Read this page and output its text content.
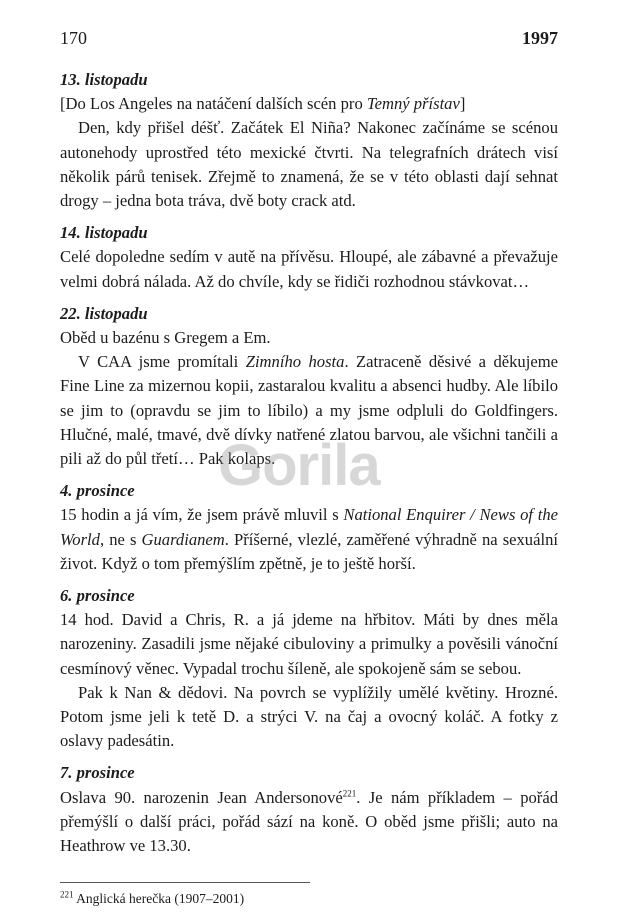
170	1997
13. listopadu

[Do Los Angeles na natáčení dalších scén pro Temný přístav]

Den, kdy přišel déšť. Začátek El Niña? Nakonec začínáme se scénou autonehody uprostřed této mexické čtvrti. Na telegrafních drátech visí několik párů tenisek. Zřejmě to znamená, že se v této oblasti dají sehnat drogy – jedna bota tráva, dvě boty crack atd.

14. listopadu

Celé dopoledne sedím v autě na přívěsu. Hloupé, ale zábavné a převažuje velmi dobrá nálada. Až do chvíle, kdy se řidiči rozhodnou stávkovat…

22. listopadu

Oběd u bazénu s Gregem a Em.

V CAA jsme promítali Zimního hosta. Zatraceně děsivé a děkujeme Fine Line za mizernou kopii, zastaralou kvalitu a absenci hudby. Ale líbilo se jim to (opravdu se jim to líbilo) a my jsme odpluli do Goldfingers. Hlučné, malé, tmavé, dvě dívky natřené zlatou barvou, ale všichni tančili a pili až do půl třetí… Pak kolaps.

4. prosince

15 hodin a já vím, že jsem právě mluvil s National Enquirer / News of the World, ne s Guardianem. Příšerné, vlezlé, zaměřené výhradně na sexuální život. Když o tom přemýšlím zpětně, je to ještě horší.

6. prosince

14 hod. David a Chris, R. a já jdeme na hřbitov. Máti by dnes měla narozeniny. Zasadili jsme nějaké cibuloviny a primulky a pověsili vánoční cesmínový věnec. Vypadal trochu šíleně, ale spokojeně sám se sebou.

Pak k Nan & dědovi. Na povrch se vyplížily umělé květiny. Hrozné. Potom jsme jeli k tetě D. a strýci V. na čaj a ovocný koláč. A fotky z oslavy padesátin.

7. prosince

Oslava 90. narozenin Jean Andersonové$^{221}$. Je nám příkladem – pořád přemýšlí o další práci, pořád sází na koně. O oběd jsme přišli; auto na Heathrow ve 13.30.

$^{221}$ Anglická herečka (1907–2001)
Gorila
